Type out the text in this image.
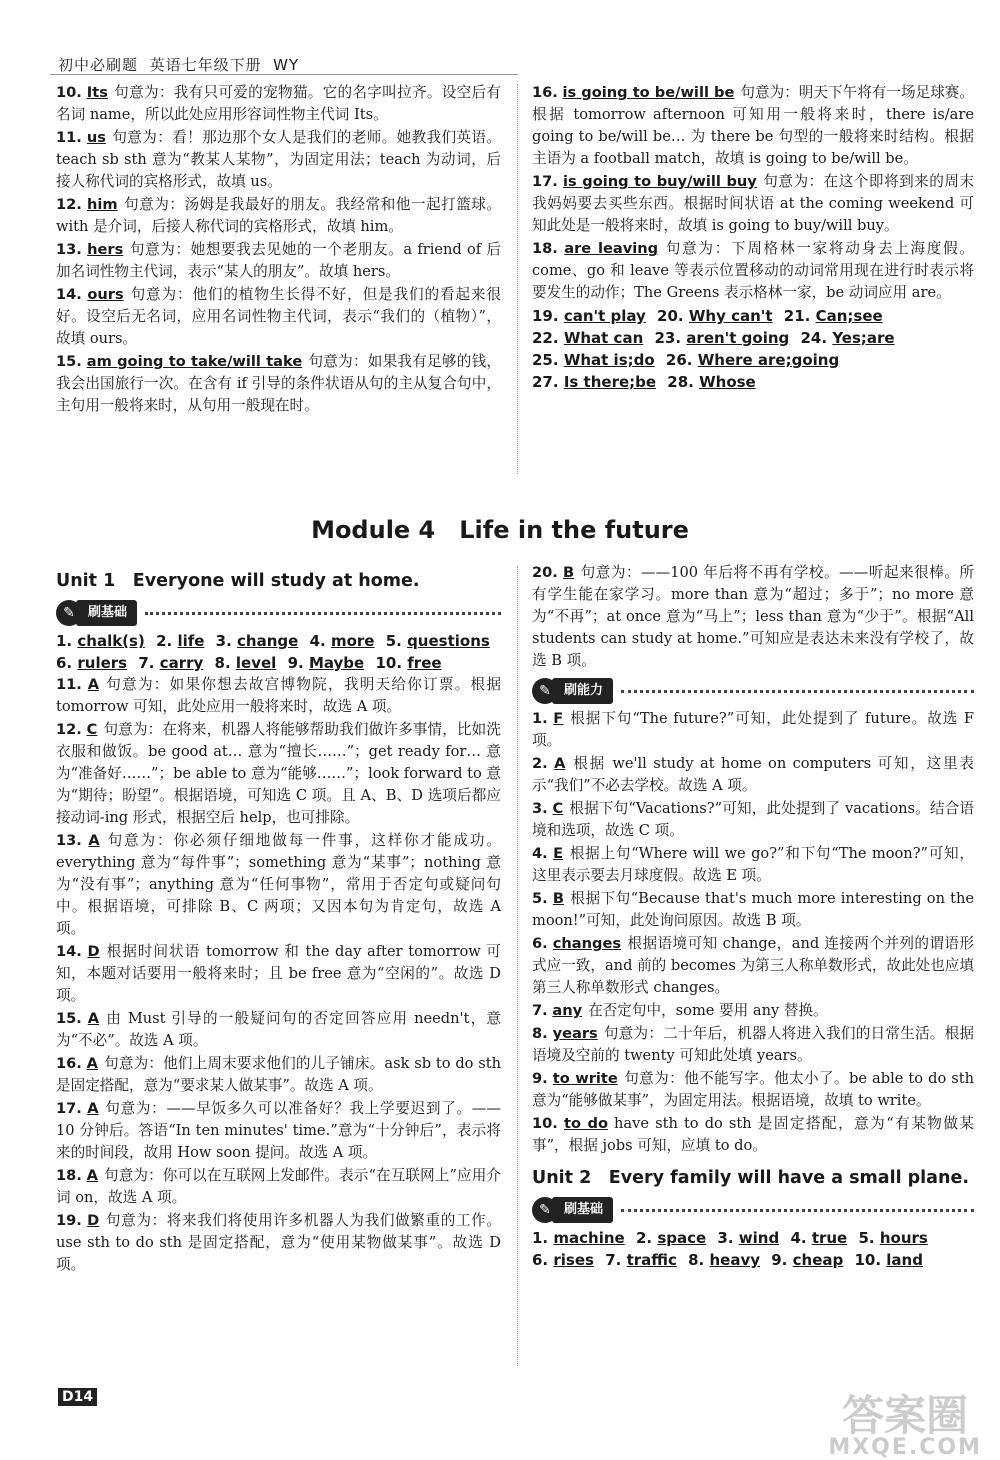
初中必刷题 英语七年级下册 WY

10. Its 句意为：我有只可爱的宠物猫。它的名字叫拉齐。设空后有名词 name，所以此处应用形容词性物主代词 Its。

11. us 句意为：看！那边那个女人是我们的老师。她教我们英语。teach sb sth 意为“教某人某物”，为固定用法；teach 为动词，后接人称代词的宾格形式，故填 us。

12. him 句意为：汤姆是我最好的朋友。我经常和他一起打篮球。with 是介词，后接人称代词的宾格形式，故填 him。

13. hers 句意为：她想要我去见她的一个老朋友。a friend of 后加名词性物主代词，表示“某人的朋友”。故填 hers。

14. ours 句意为：他们的植物生长得不好，但是我们的看起来很好。设空后无名词，应用名词性物主代词，表示“我们的（植物）”，故填 ours。

15. am going to take/will take 句意为：如果我有足够的钱，我会出国旅行一次。在含有 if 引导的条件状语从句的主从复合句中，主句用一般将来时，从句用一般现在时。

16. is going to be/will be 句意为：明天下午将有一场足球赛。根据 tomorrow afternoon 可知用一般将来时，there is/are going to be/will be… 为 there be 句型的一般将来时结构。根据主语为 a football match，故填 is going to be/will be。

17. is going to buy/will buy 句意为：在这个即将到来的周末我妈妈要去买些东西。根据时间状语 at the coming weekend 可知此处是一般将来时，故填 is going to buy/will buy。

18. are leaving 句意为：下周格林一家将动身去上海度假。come、go 和 leave 等表示位置移动的动词常用现在进行时表示将要发生的动作；The Greens 表示格林一家，be 动词应用 are。

19. can't play 20. Why can't 21. Can;see
22. What can 23. aren't going 24. Yes;are
25. What is;do 26. Where are;going
27. Is there;be 28. Whose
Module 4　Life in the future
Unit 1　Everyone will study at home.
✎	刷基础
1. chalk(s) 2. life 3. change 4. more 5. questions
6. rulers 7. carry 8. level 9. Maybe 10. free

11. A 句意为：如果你想去故宫博物院，我明天给你订票。根据 tomorrow 可知，此处应用一般将来时，故选 A 项。

12. C 句意为：在将来，机器人将能够帮助我们做许多事情，比如洗衣服和做饭。be good at… 意为“擅长……”；get ready for… 意为“准备好……”；be able to 意为“能够……”；look forward to 意为“期待；盼望”。根据语境，可知选 C 项。且 A、B、D 选项后都应接动词-ing 形式，根据空后 help，也可排除。

13. A 句意为：你必须仔细地做每一件事，这样你才能成功。everything 意为“每件事”；something 意为“某事”；nothing 意为“没有事”；anything 意为“任何事物”，常用于否定句或疑问句中。根据语境，可排除 B、C 两项；又因本句为肯定句，故选 A 项。

14. D 根据时间状语 tomorrow 和 the day after tomorrow 可知，本题对话要用一般将来时；且 be free 意为“空闲的”。故选 D 项。

15. A 由 Must 引导的一般疑问句的否定回答应用 needn't，意为“不必”。故选 A 项。

16. A 句意为：他们上周末要求他们的儿子铺床。ask sb to do sth 是固定搭配，意为“要求某人做某事”。故选 A 项。

17. A 句意为：——早饭多久可以准备好？我上学要迟到了。——10 分钟后。答语“In ten minutes' time.”意为“十分钟后”，表示将来的时间段，故用 How soon 提问。故选 A 项。

18. A 句意为：你可以在互联网上发邮件。表示“在互联网上”应用介词 on，故选 A 项。

19. D 句意为：将来我们将使用许多机器人为我们做繁重的工作。use sth to do sth 是固定搭配，意为“使用某物做某事”。故选 D 项。

20. B 句意为：——100 年后将不再有学校。——听起来很棒。所有学生能在家学习。more than 意为“超过；多于”；no more 意为“不再”；at once 意为“马上”；less than 意为“少于”。根据“All students can study at home.”可知应是表达未来没有学校了，故选 B 项。

✎	刷能力

1. F 根据下句“The future?”可知，此处提到了 future。故选 F 项。

2. A 根据 we'll study at home on computers 可知，这里表示“我们”不必去学校。故选 A 项。

3. C 根据下句“Vacations?”可知，此处提到了 vacations。结合语境和选项，故选 C 项。

4. E 根据上句“Where will we go?”和下句“The moon?”可知，这里表示要去月球度假。故选 E 项。

5. B 根据下句“Because that's much more interesting on the moon!”可知，此处询问原因。故选 B 项。

6. changes 根据语境可知 change，and 连接两个并列的谓语形式应一致，and 前的 becomes 为第三人称单数形式，故此处也应填第三人称单数形式 changes。

7. any 在否定句中，some 要用 any 替换。

8. years 句意为：二十年后，机器人将进入我们的日常生活。根据语境及空前的 twenty 可知此处填 years。

9. to write 句意为：他不能写字。他太小了。be able to do sth 意为“能够做某事”，为固定用法。根据语境，故填 to write。

10. to do have sth to do sth 是固定搭配，意为“有某物做某事”，根据 jobs 可知，应填 to do。

Unit 2　Every family will have a small plane.
✎	刷基础
1. machine 2. space 3. wind 4. true 5. hours
6. rises 7. traffic 8. heavy 9. cheap 10. land
D14	答案圈
MXQE.COM
